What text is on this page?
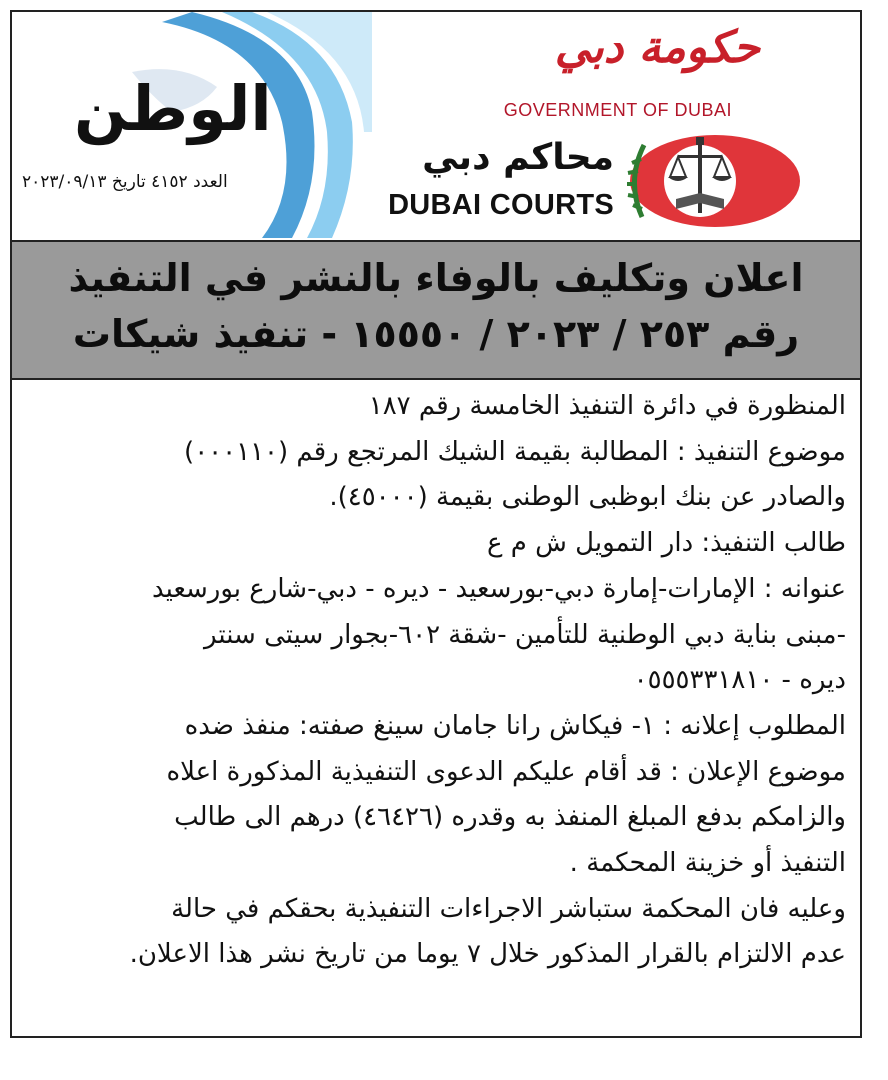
الوطن
العدد ٤١٥٢ تاريخ ٢٠٢٣/٠٩/١٣
حكومة دبي
GOVERNMENT OF DUBAI
محاكم دبي
DUBAI COURTS
اعلان وتكليف بالوفاء بالنشر في التنفيذ
رقم ٢٥٣ / ٢٠٢٣ / ١٥٥٥٠ - تنفيذ شيكات

المنظورة في دائرة التنفيذ الخامسة رقم ١٨٧

موضوع التنفيذ : المطالبة بقيمة الشيك المرتجع رقم (٠٠٠١١٠)

والصادر عن بنك ابوظبى الوطنى بقيمة (٤٥٠٠٠).

طالب التنفيذ: دار التمويل ش م ع

عنوانه : الإمارات-إمارة دبي-بورسعيد - ديره - دبي-شارع بورسعيد

-مبنى بناية دبي الوطنية للتأمين -شقة ٦٠٢-بجوار سيتى سنتر

ديره - ٠٥٥٥٣٣١٨١٠

المطلوب إعلانه : ١- فيكاش رانا جامان سينغ صفته: منفذ ضده

موضوع الإعلان : قد أقام عليكم الدعوى التنفيذية المذكورة اعلاه

والزامكم بدفع المبلغ المنفذ به وقدره (٤٦٤٢٦) درهم الى طالب

التنفيذ أو خزينة المحكمة .

وعليه فان المحكمة ستباشر الاجراءات التنفيذية بحقكم في حالة

عدم الالتزام بالقرار المذكور خلال ٧ يوما من تاريخ نشر هذا الاعلان.
